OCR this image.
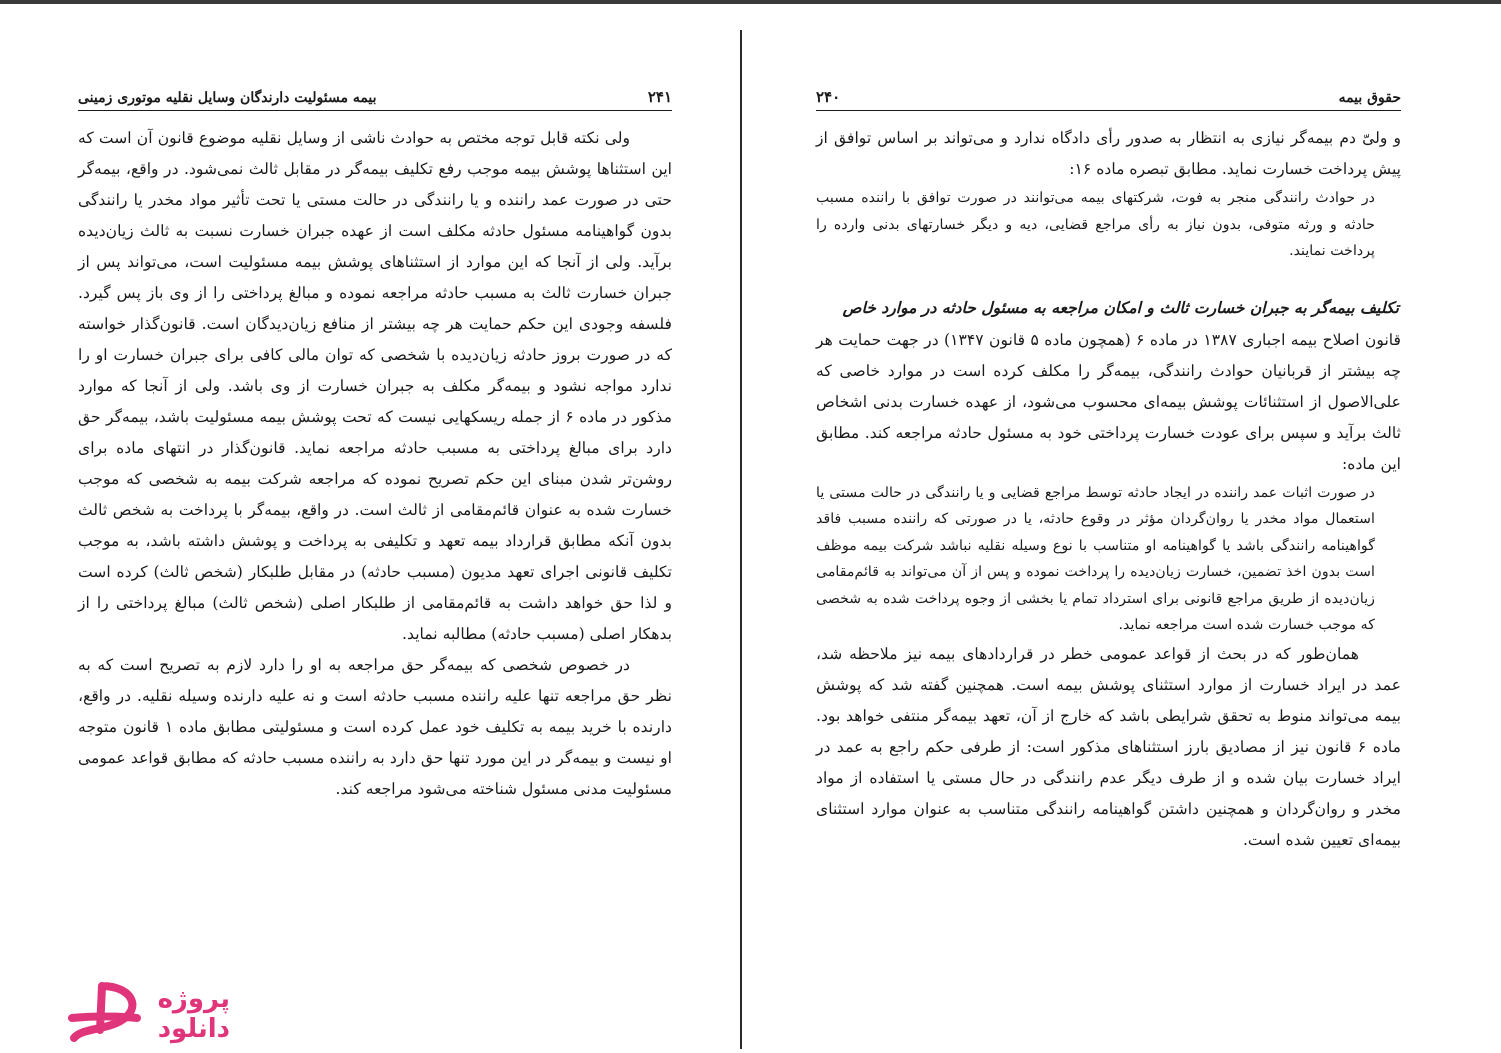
حقوق بیمه
۲۴۰

و ولیّ دم بیمه‌گر نیازی به انتظار به صدور رأی دادگاه ندارد و می‌تواند بر اساس توافق از پیش پرداخت خسارت نماید. مطابق تبصره ماده ۱۶:

در حوادث رانندگی منجر به فوت، شرکتهای بیمه می‌توانند در صورت توافق با راننده مسبب حادثه و ورثه متوفی، بدون نیاز به رأی مراجع قضایی، دیه و دیگر خسارتهای بدنی وارده را پرداخت نمایند.

تکلیف بیمه‌گر به جبران خسارت ثالث و امکان مراجعه به مسئول حادثه در موارد خاص

قانون اصلاح بیمه اجباری ۱۳۸۷ در ماده ۶ (همچون ماده ۵ قانون ۱۳۴۷) در جهت حمایت هر چه بیشتر از قربانیان حوادث رانندگی، بیمه‌گر را مکلف کرده است در موارد خاصی که علی‌الاصول از استثنائات پوشش بیمه‌ای محسوب می‌شود، از عهده خسارت بدنی اشخاص ثالث برآید و سپس برای عودت خسارت پرداختی خود به مسئول حادثه مراجعه کند. مطابق این ماده:

در صورت اثبات عمد راننده در ایجاد حادثه توسط مراجع قضایی و یا رانندگی در حالت مستی یا استعمال مواد مخدر یا روان‌گردان مؤثر در وقوع حادثه، یا در صورتی که راننده مسبب فاقد گواهینامه رانندگی باشد یا گواهینامه او متناسب با نوع وسیله نقلیه نباشد شرکت بیمه موظف است بدون اخذ تضمین، خسارت زیان‌دیده را پرداخت نموده و پس از آن می‌تواند به قائم‌مقامی زیان‌دیده از طریق مراجع قانونی برای استرداد تمام یا بخشی از وجوه پرداخت شده به شخصی که موجب خسارت شده است مراجعه نماید.

همان‌طور که در بحث از قواعد عمومی خطر در قراردادهای بیمه نیز ملاحظه شد، عمد در ایراد خسارت از موارد استثنای پوشش بیمه است. همچنین گفته شد که پوشش بیمه می‌تواند منوط به تحقق شرایطی باشد که خارج از آن، تعهد بیمه‌گر منتفی خواهد بود. ماده ۶ قانون نیز از مصادیق بارز استثناهای مذکور است: از طرفی حکم راجع به عمد در ایراد خسارت بیان شده و از طرف دیگر عدم رانندگی در حال مستی یا استفاده از مواد مخدر و روان‌گردان و همچنین داشتن گواهینامه رانندگی متناسب به عنوان موارد استثنای بیمه‌ای تعیین شده است.

بیمه مسئولیت دارندگان وسایل نقلیه موتوری زمینی	۲۴۱

ولی نکته قابل توجه مختص به حوادث ناشی از وسایل نقلیه موضوع قانون آن است که این استثناها پوشش بیمه موجب رفع تکلیف بیمه‌گر در مقابل ثالث نمی‌شود. در واقع، بیمه‌گر حتی در صورت عمد راننده و یا رانندگی در حالت مستی یا تحت تأثیر مواد مخدر یا رانندگی بدون گواهینامه مسئول حادثه مکلف است از عهده جبران خسارت نسبت به ثالث زیان‌دیده برآید. ولی از آنجا که این موارد از استثناهای پوشش بیمه مسئولیت است، می‌تواند پس از جبران خسارت ثالث به مسبب حادثه مراجعه نموده و مبالغ پرداختی را از وی باز پس گیرد. فلسفه وجودی این حکم حمایت هر چه بیشتر از منافع زیان‌دیدگان است. قانون‌گذار خواسته که در صورت بروز حادثه زیان‌دیده با شخصی که توان مالی کافی برای جبران خسارت او را ندارد مواجه نشود و بیمه‌گر مکلف به جبران خسارت از وی باشد. ولی از آنجا که موارد مذکور در ماده ۶ از جمله ریسکهایی نیست که تحت پوشش بیمه مسئولیت باشد، بیمه‌گر حق دارد برای مبالغ پرداختی به مسبب حادثه مراجعه نماید. قانون‌گذار در انتهای ماده برای روشن‌تر شدن مبنای این حکم تصریح نموده که مراجعه شرکت بیمه به شخصی که موجب خسارت شده به عنوان قائم‌مقامی از ثالث است. در واقع، بیمه‌گر با پرداخت به شخص ثالث بدون آنکه مطابق قرارداد بیمه تعهد و تکلیفی به پرداخت و پوشش داشته باشد، به موجب تکلیف قانونی اجرای تعهد مدیون (مسبب حادثه) در مقابل طلبکار (شخص ثالث) کرده است و لذا حق خواهد داشت به قائم‌مقامی از طلبکار اصلی (شخص ثالث) مبالغ پرداختی را از بدهکار اصلی (مسبب حادثه) مطالبه نماید.

در خصوص شخصی که بیمه‌گر حق مراجعه به او را دارد لازم به تصریح است که به نظر حق مراجعه تنها علیه راننده مسبب حادثه است و نه علیه دارنده وسیله نقلیه. در واقع، دارنده با خرید بیمه به تکلیف خود عمل کرده است و مسئولیتی مطابق ماده ۱ قانون متوجه او نیست و بیمه‌گر در این مورد تنها حق دارد به راننده مسبب حادثه که مطابق قواعد عمومی مسئولیت مدنی مسئول شناخته می‌شود مراجعه کند.

پروژه
دانلود
